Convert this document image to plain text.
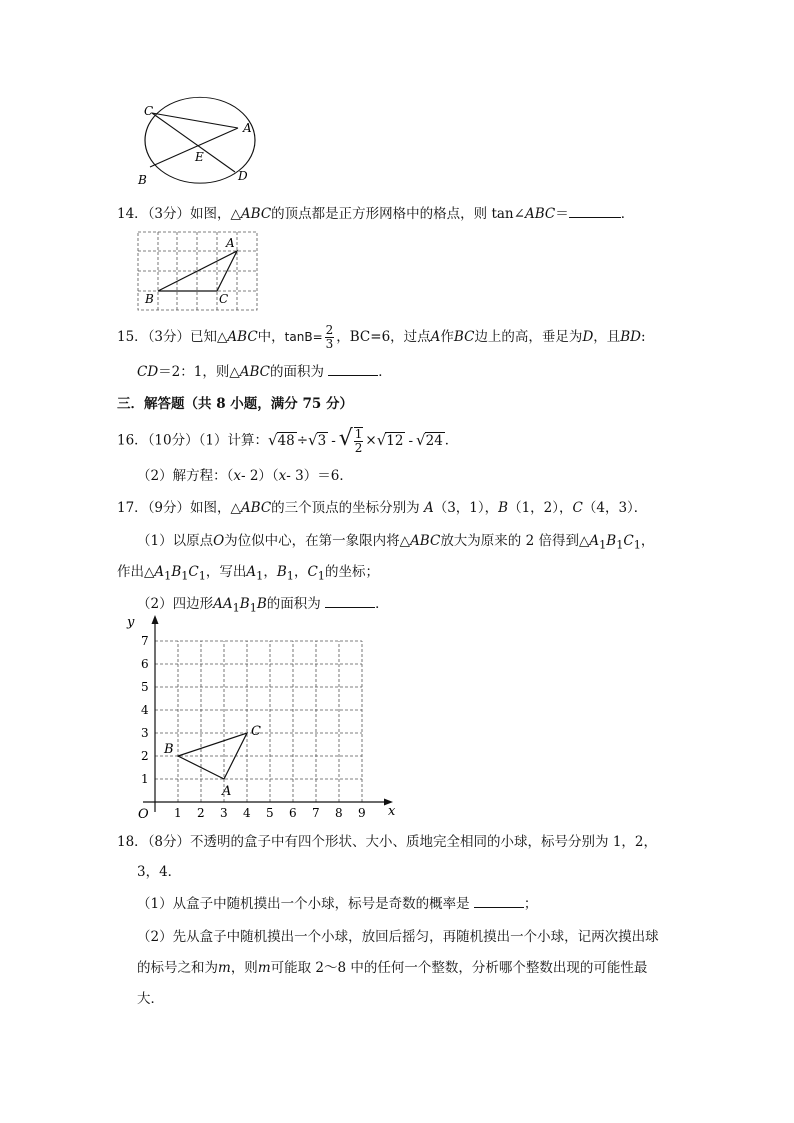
C
A
E
B	D
14．（3分）如图，△ABC的顶点都是正方形网格中的格点，则 tan∠ABC＝	．
A
B	C
15．（3分）已知△ABC中，$\tan B= \frac{2}{3}$ ，BC=6，过点A作BC边上的高，垂足为D，且BD:
CD＝2：1，则△ABC的面积为	．
三．解答题（共 8 小题，满分 75 分）
16．（10分）（1）计算：√48 ÷√3 - √ $\frac{1}{2} \times√12 - √24$ ．
（2）解方程：（x- 2）（x- 3）＝6．
17．（9分）如图，△ABC的三个顶点的坐标分别为 A（3，1），B（1，2），C（4，3）．
（1）以原点O为位似中心，在第一象限内将△ABC放大为原来的 2 倍得到$\triangle A_1B_1C_1$，
作出$\triangle A_1B_1C_1$，写出$A_1$，$B_1$，$C_1$的坐标；
（2）四边形$AA_1B_1B$的面积为	．
x
y
O 1 2 3 4 5 6 7 8 9
1
2
3
4
5
6
7
A
B
C
18．（8分）不透明的盒子中有四个形状、大小、质地完全相同的小球，标号分别为 1，2，
3，4．
（1）从盒子中随机摸出一个小球，标号是奇数的概率是	；
（2）先从盒子中随机摸出一个小球，放回后摇匀，再随机摸出一个小球，记两次摸出球
的标号之和为m，则m可能取 2～8 中的任何一个整数，分析哪个整数出现的可能性最
大．
